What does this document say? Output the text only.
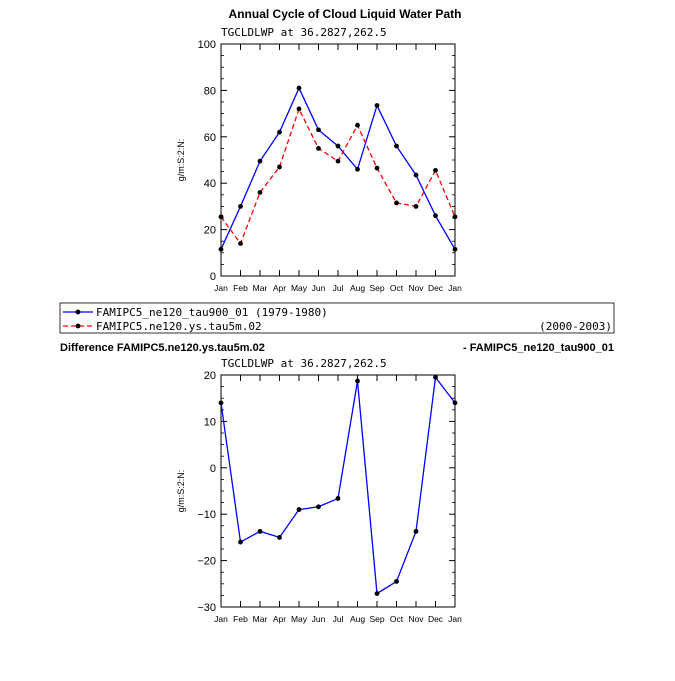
Annual Cycle of Cloud Liquid Water Path
FAMIPC5_ne120_tau900_01 (1979-1980)
FAMIPC5.ne120.ys.tau5m.02	(2000-2003)
Difference FAMIPC5.ne120.ys.tau5m.02	- FAMIPC5_ne120_tau900_01
TGCLDLWP at 36.2827,262.5
0
20
40
60
80
100
Jan Feb Mar Apr May Jun Jul Aug Sep Oct Nov Dec Jan
g/m:S:2:N:
TGCLDLWP at 36.2827,262.5
−30
−20
−10
0
10
20
Jan Feb Mar Apr May Jun Jul Aug Sep Oct Nov Dec Jan
g/m:S:2:N:
